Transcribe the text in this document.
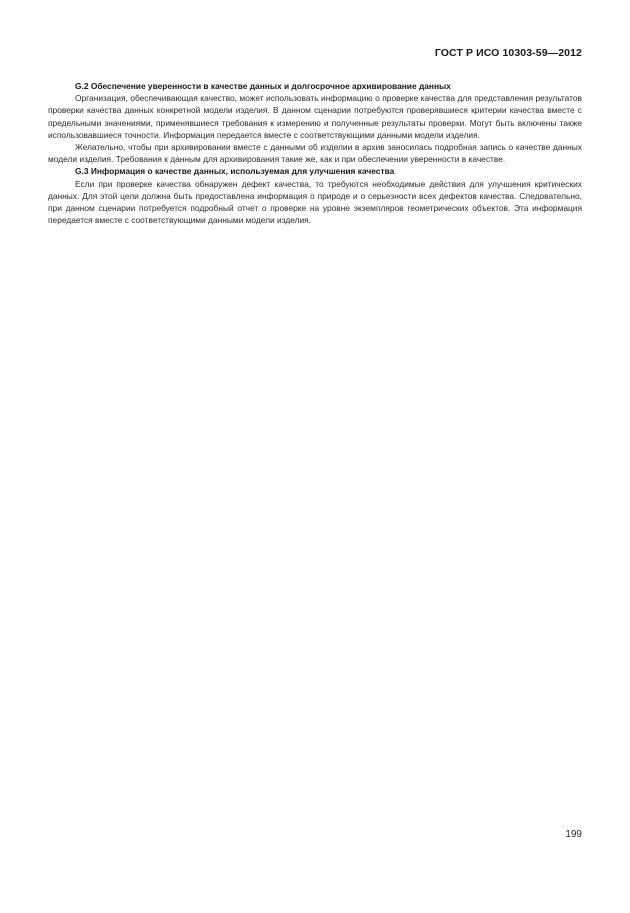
ГОСТ Р ИСО 10303-59—2012

G.2 Обеспечение уверенности в качестве данных и долгосрочное архивирование данных

Организация, обеспечивающая качество, может использовать информацию о проверке качества для представления результатов проверки качества данных конкретной модели изделия. В данном сценарии потребуются проверявшиеся критерии качества вместе с предельными значениями, применявшиеся требования к измерению и полученные результаты проверки. Могут быть включены также использовавшиеся точности. Информация передается вместе с соответствующими данными модели изделия.

Желательно, чтобы при архивировании вместе с данными об изделии в архив заносилась подробная запись о качестве данных модели изделия. Требования к данным для архивирования такие же, как и при обеспечении уверенности в качестве.

G.3 Информация о качестве данных, используемая для улучшения качества

Если при проверке качества обнаружен дефект качества, то требуются необходимые действия для улучшения критических данных. Для этой цели должна быть предоставлена информация о природе и о серьезности всех дефектов качества. Следовательно, при данном сценарии потребуется подробный отчет о проверке на уровне экземпляров геометрических объектов. Эта информация передается вместе с соответствующими данными модели изделия.

199
